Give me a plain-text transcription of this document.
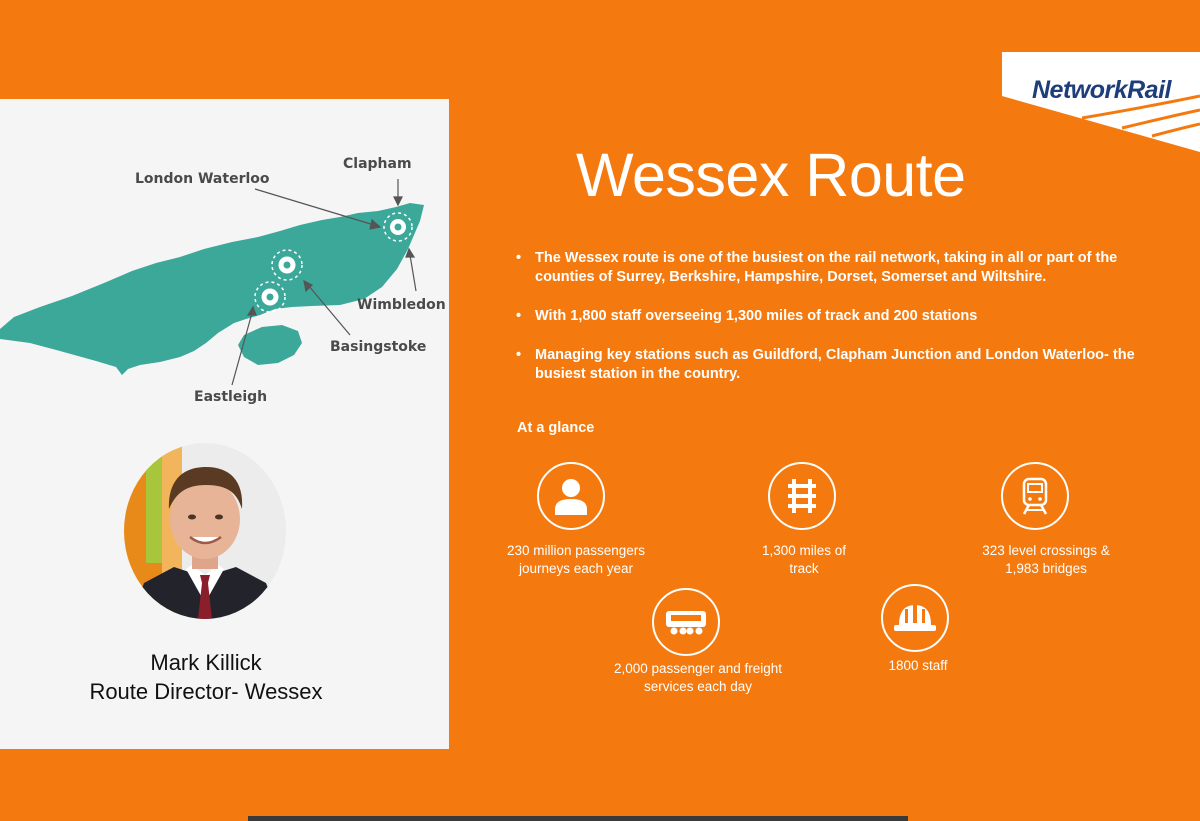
Clapham
London Waterloo
Wimbledon
Basingstoke
Eastleigh
Mark Killick
Route Director- Wessex
NetworkRail
Wessex Route
• The Wessex route is one of the busiest on the rail network, taking in all or part of the counties of Surrey, Berkshire, Hampshire, Dorset, Somerset and Wiltshire.
• With 1,800 staff overseeing 1,300 miles of track and 200 stations
• Managing key stations such as Guildford, Clapham Junction and London Waterloo- the busiest station in the country.
At a glance
230 million passengers
journeys each year
1,300 miles of
track
323 level crossings &
1,983 bridges
2,000 passenger and freight
services each day
1800 staff
